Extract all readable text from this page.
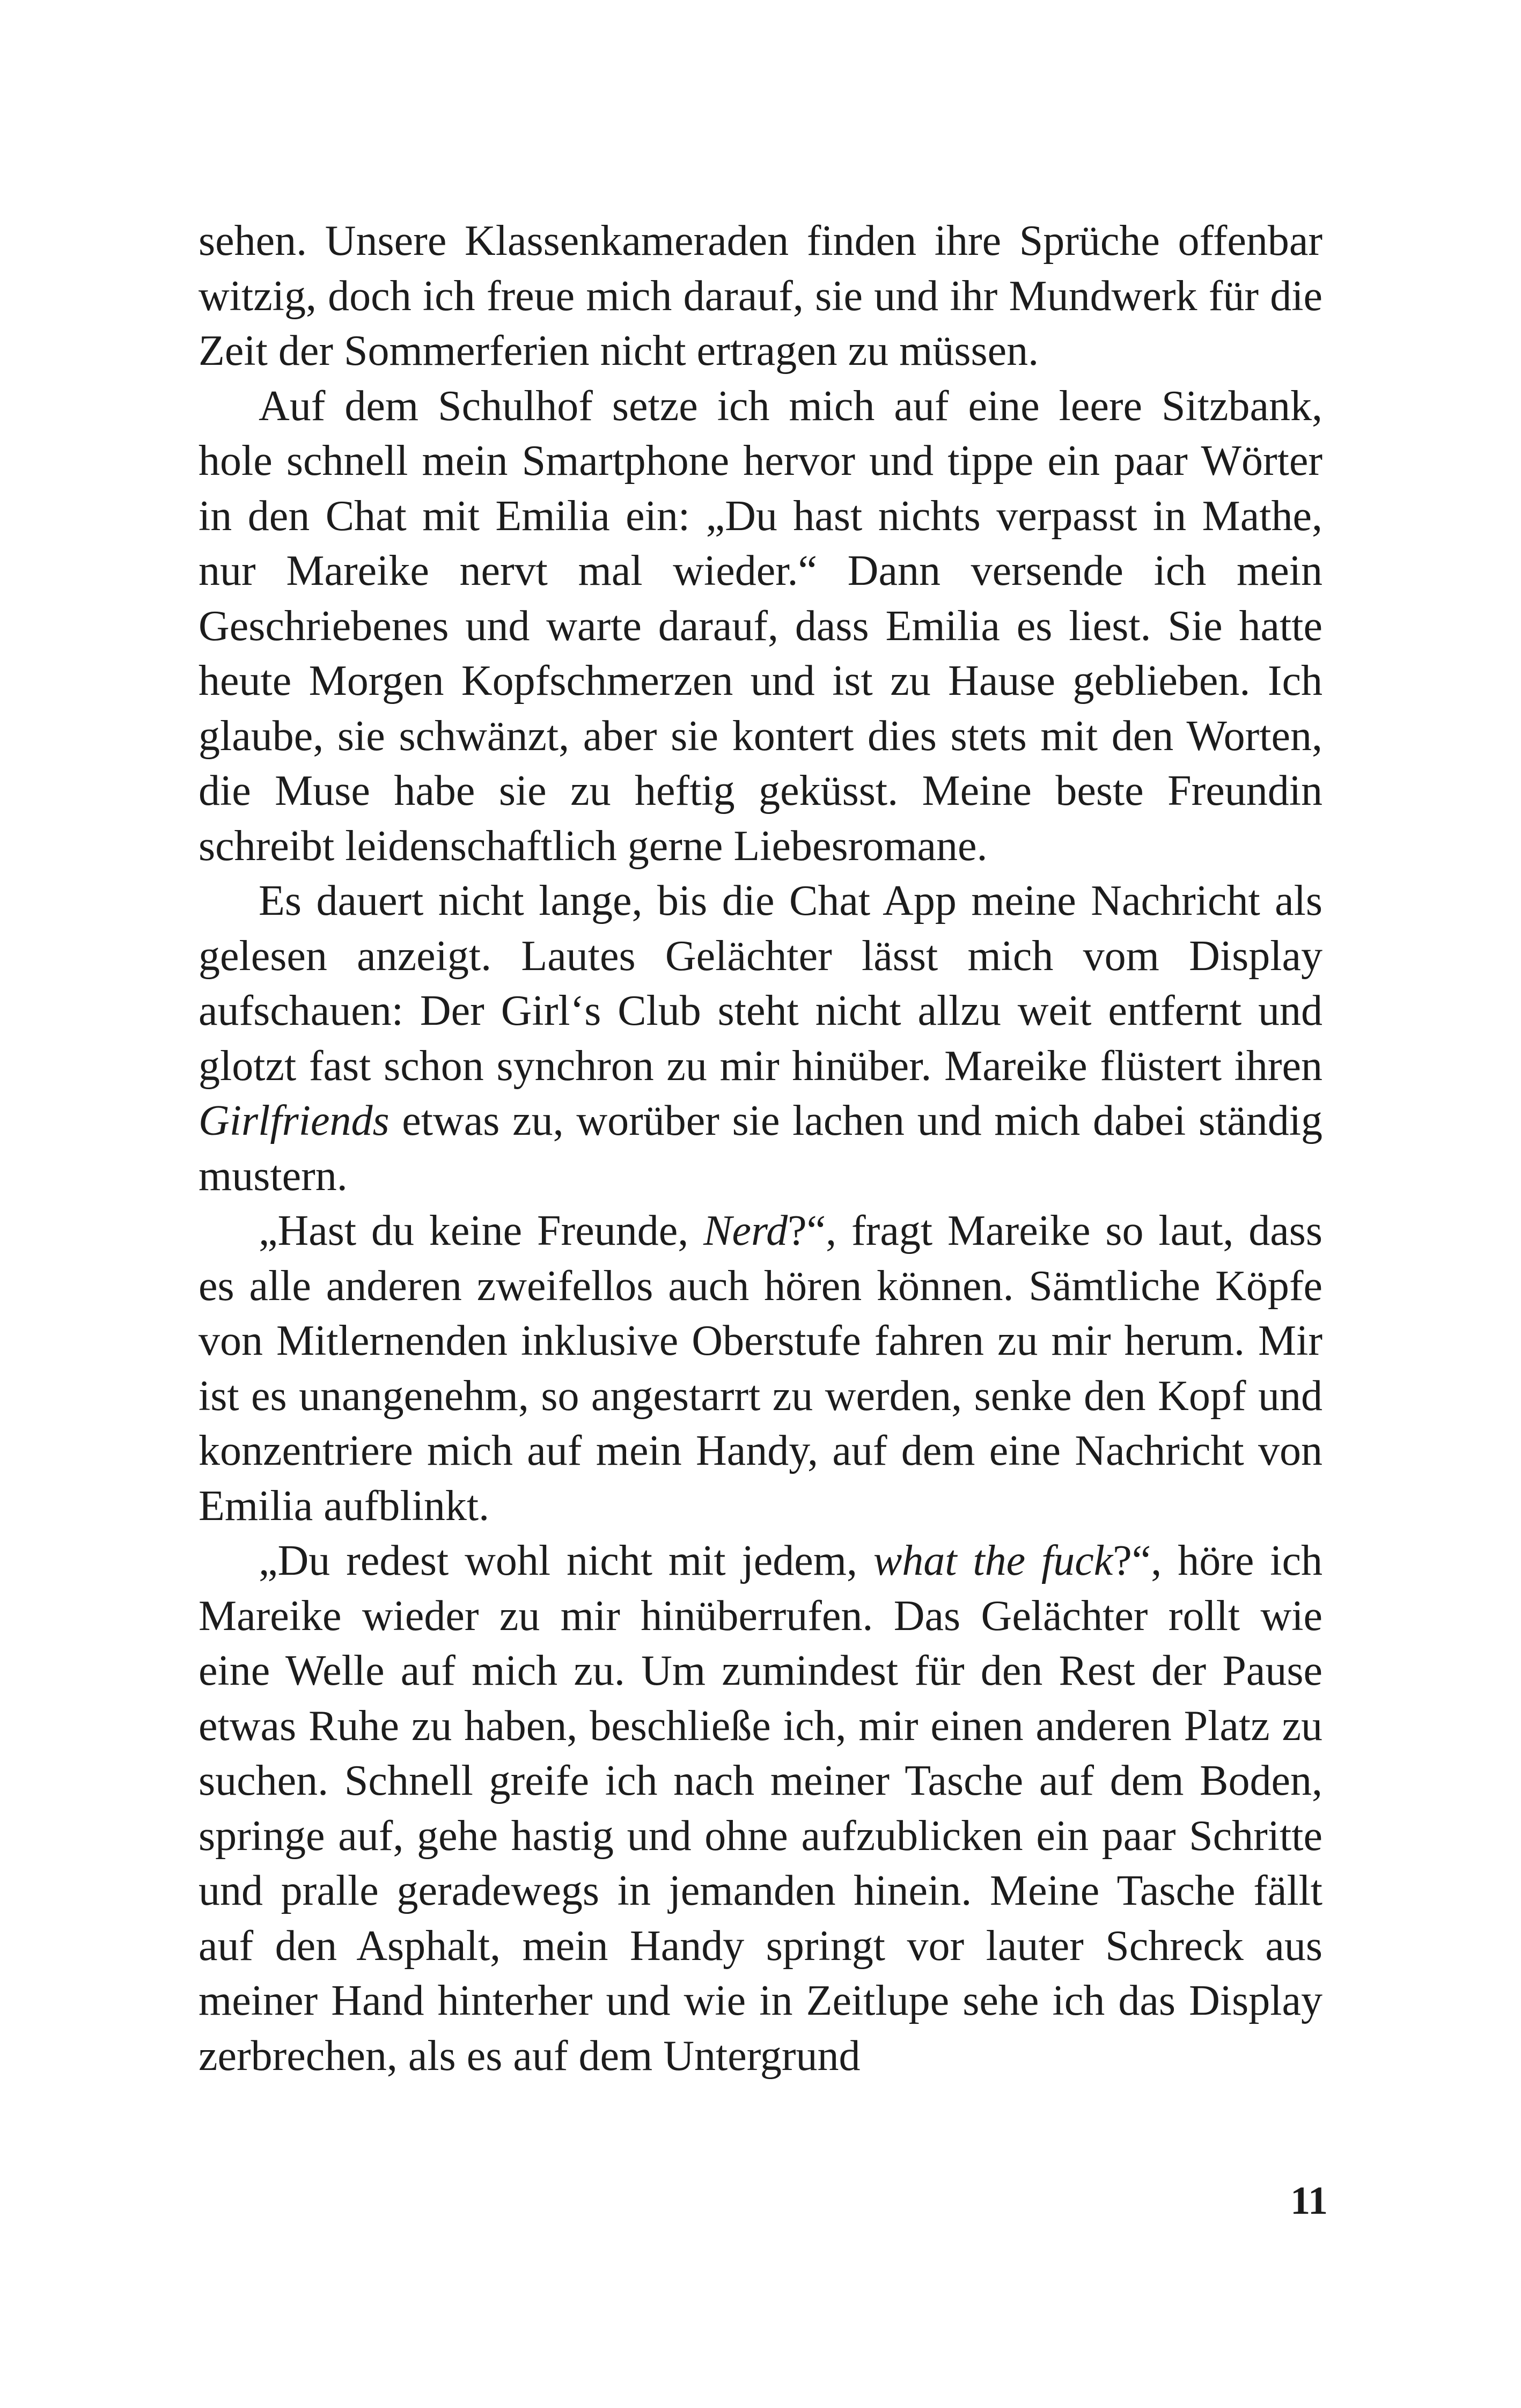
sehen. Unsere Klassenkameraden finden ihre Sprüche offenbar witzig, doch ich freue mich darauf, sie und ihr Mundwerk für die Zeit der Sommerferien nicht ertragen zu müssen.

Auf dem Schulhof setze ich mich auf eine leere Sitzbank, hole schnell mein Smartphone hervor und tippe ein paar Wörter in den Chat mit Emilia ein: „Du hast nichts verpasst in Mathe, nur Mareike nervt mal wieder.“ Dann versende ich mein Geschriebenes und warte darauf, dass Emilia es liest. Sie hatte heute Morgen Kopfschmerzen und ist zu Hause geblieben. Ich glaube, sie schwänzt, aber sie kontert dies stets mit den Worten, die Muse habe sie zu heftig geküsst. Meine beste Freundin schreibt leidenschaftlich gerne Liebesromane.

Es dauert nicht lange, bis die Chat App meine Nachricht als gelesen anzeigt. Lautes Gelächter lässt mich vom Display aufschauen: Der Girl‘s Club steht nicht allzu weit entfernt und glotzt fast schon synchron zu mir hinüber. Mareike flüstert ihren Girlfriends etwas zu, worüber sie lachen und mich dabei ständig mustern.

„Hast du keine Freunde, Nerd?“, fragt Mareike so laut, dass es alle anderen zweifellos auch hören können. Sämtliche Köpfe von Mitlernenden inklusive Oberstufe fahren zu mir herum. Mir ist es unangenehm, so angestarrt zu werden, senke den Kopf und konzentriere mich auf mein Handy, auf dem eine Nachricht von Emilia aufblinkt.

„Du redest wohl nicht mit jedem, what the fuck?“, höre ich Mareike wieder zu mir hinüberrufen. Das Gelächter rollt wie eine Welle auf mich zu. Um zumindest für den Rest der Pause etwas Ruhe zu haben, beschließe ich, mir einen anderen Platz zu suchen. Schnell greife ich nach meiner Tasche auf dem Boden, springe auf, gehe hastig und ohne aufzublicken ein paar Schritte und pralle geradewegs in jemanden hinein. Meine Tasche fällt auf den Asphalt, mein Handy springt vor lauter Schreck aus meiner Hand hinterher und wie in Zeitlupe sehe ich das Display zerbrechen, als es auf dem Untergrund

11
